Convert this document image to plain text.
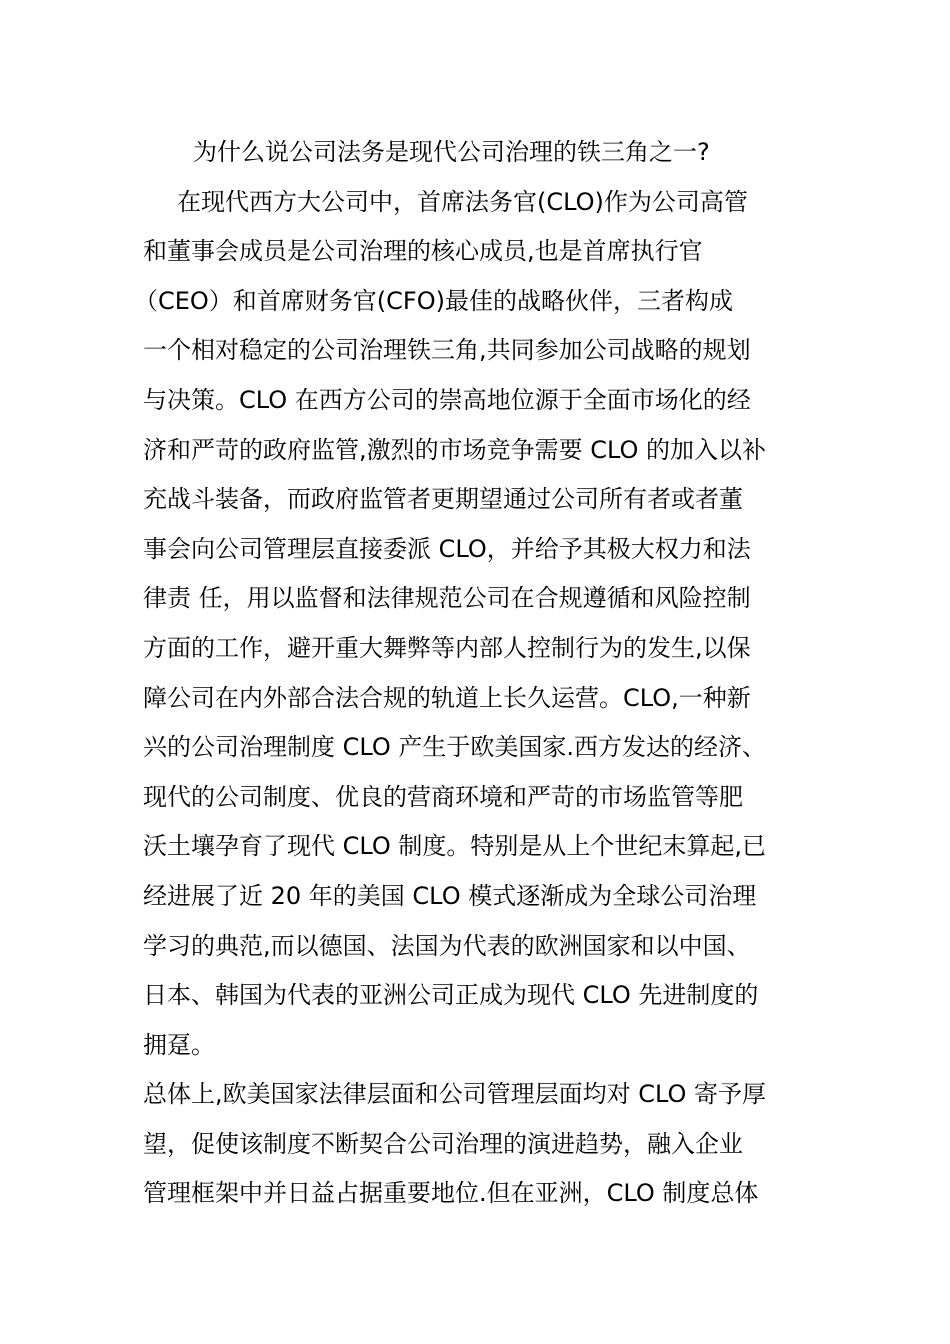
为什么说公司法务是现代公司治理的铁三角之一?
在现代西方大公司中，首席法务官(CLO)作为公司高管
和董事会成员是公司治理的核心成员,也是首席执行官
（CEO）和首席财务官(CFO)最佳的战略伙伴，三者构成
一个相对稳定的公司治理铁三角,共同参加公司战略的规划
与决策。CLO 在西方公司的崇高地位源于全面市场化的经
济和严苛的政府监管,激烈的市场竞争需要 CLO 的加入以补
充战斗装备，而政府监管者更期望通过公司所有者或者董
事会向公司管理层直接委派 CLO，并给予其极大权力和法
律责 任，用以监督和法律规范公司在合规遵循和风险控制
方面的工作，避开重大舞弊等内部人控制行为的发生,以保
障公司在内外部合法合规的轨道上长久运营。CLO,一种新
兴的公司治理制度 CLO 产生于欧美国家.西方发达的经济、
现代的公司制度、优良的营商环境和严苛的市场监管等肥
沃土壤孕育了现代 CLO 制度。特别是从上个世纪末算起,已
经进展了近 20 年的美国 CLO 模式逐渐成为全球公司治理
学习的典范,而以德国、法国为代表的欧洲国家和以中国、
日本、韩国为代表的亚洲公司正成为现代 CLO 先进制度的
拥趸。
总体上,欧美国家法律层面和公司管理层面均对 CLO 寄予厚
望，促使该制度不断契合公司治理的演进趋势，融入企业
管理框架中并日益占据重要地位.但在亚洲，CLO 制度总体
